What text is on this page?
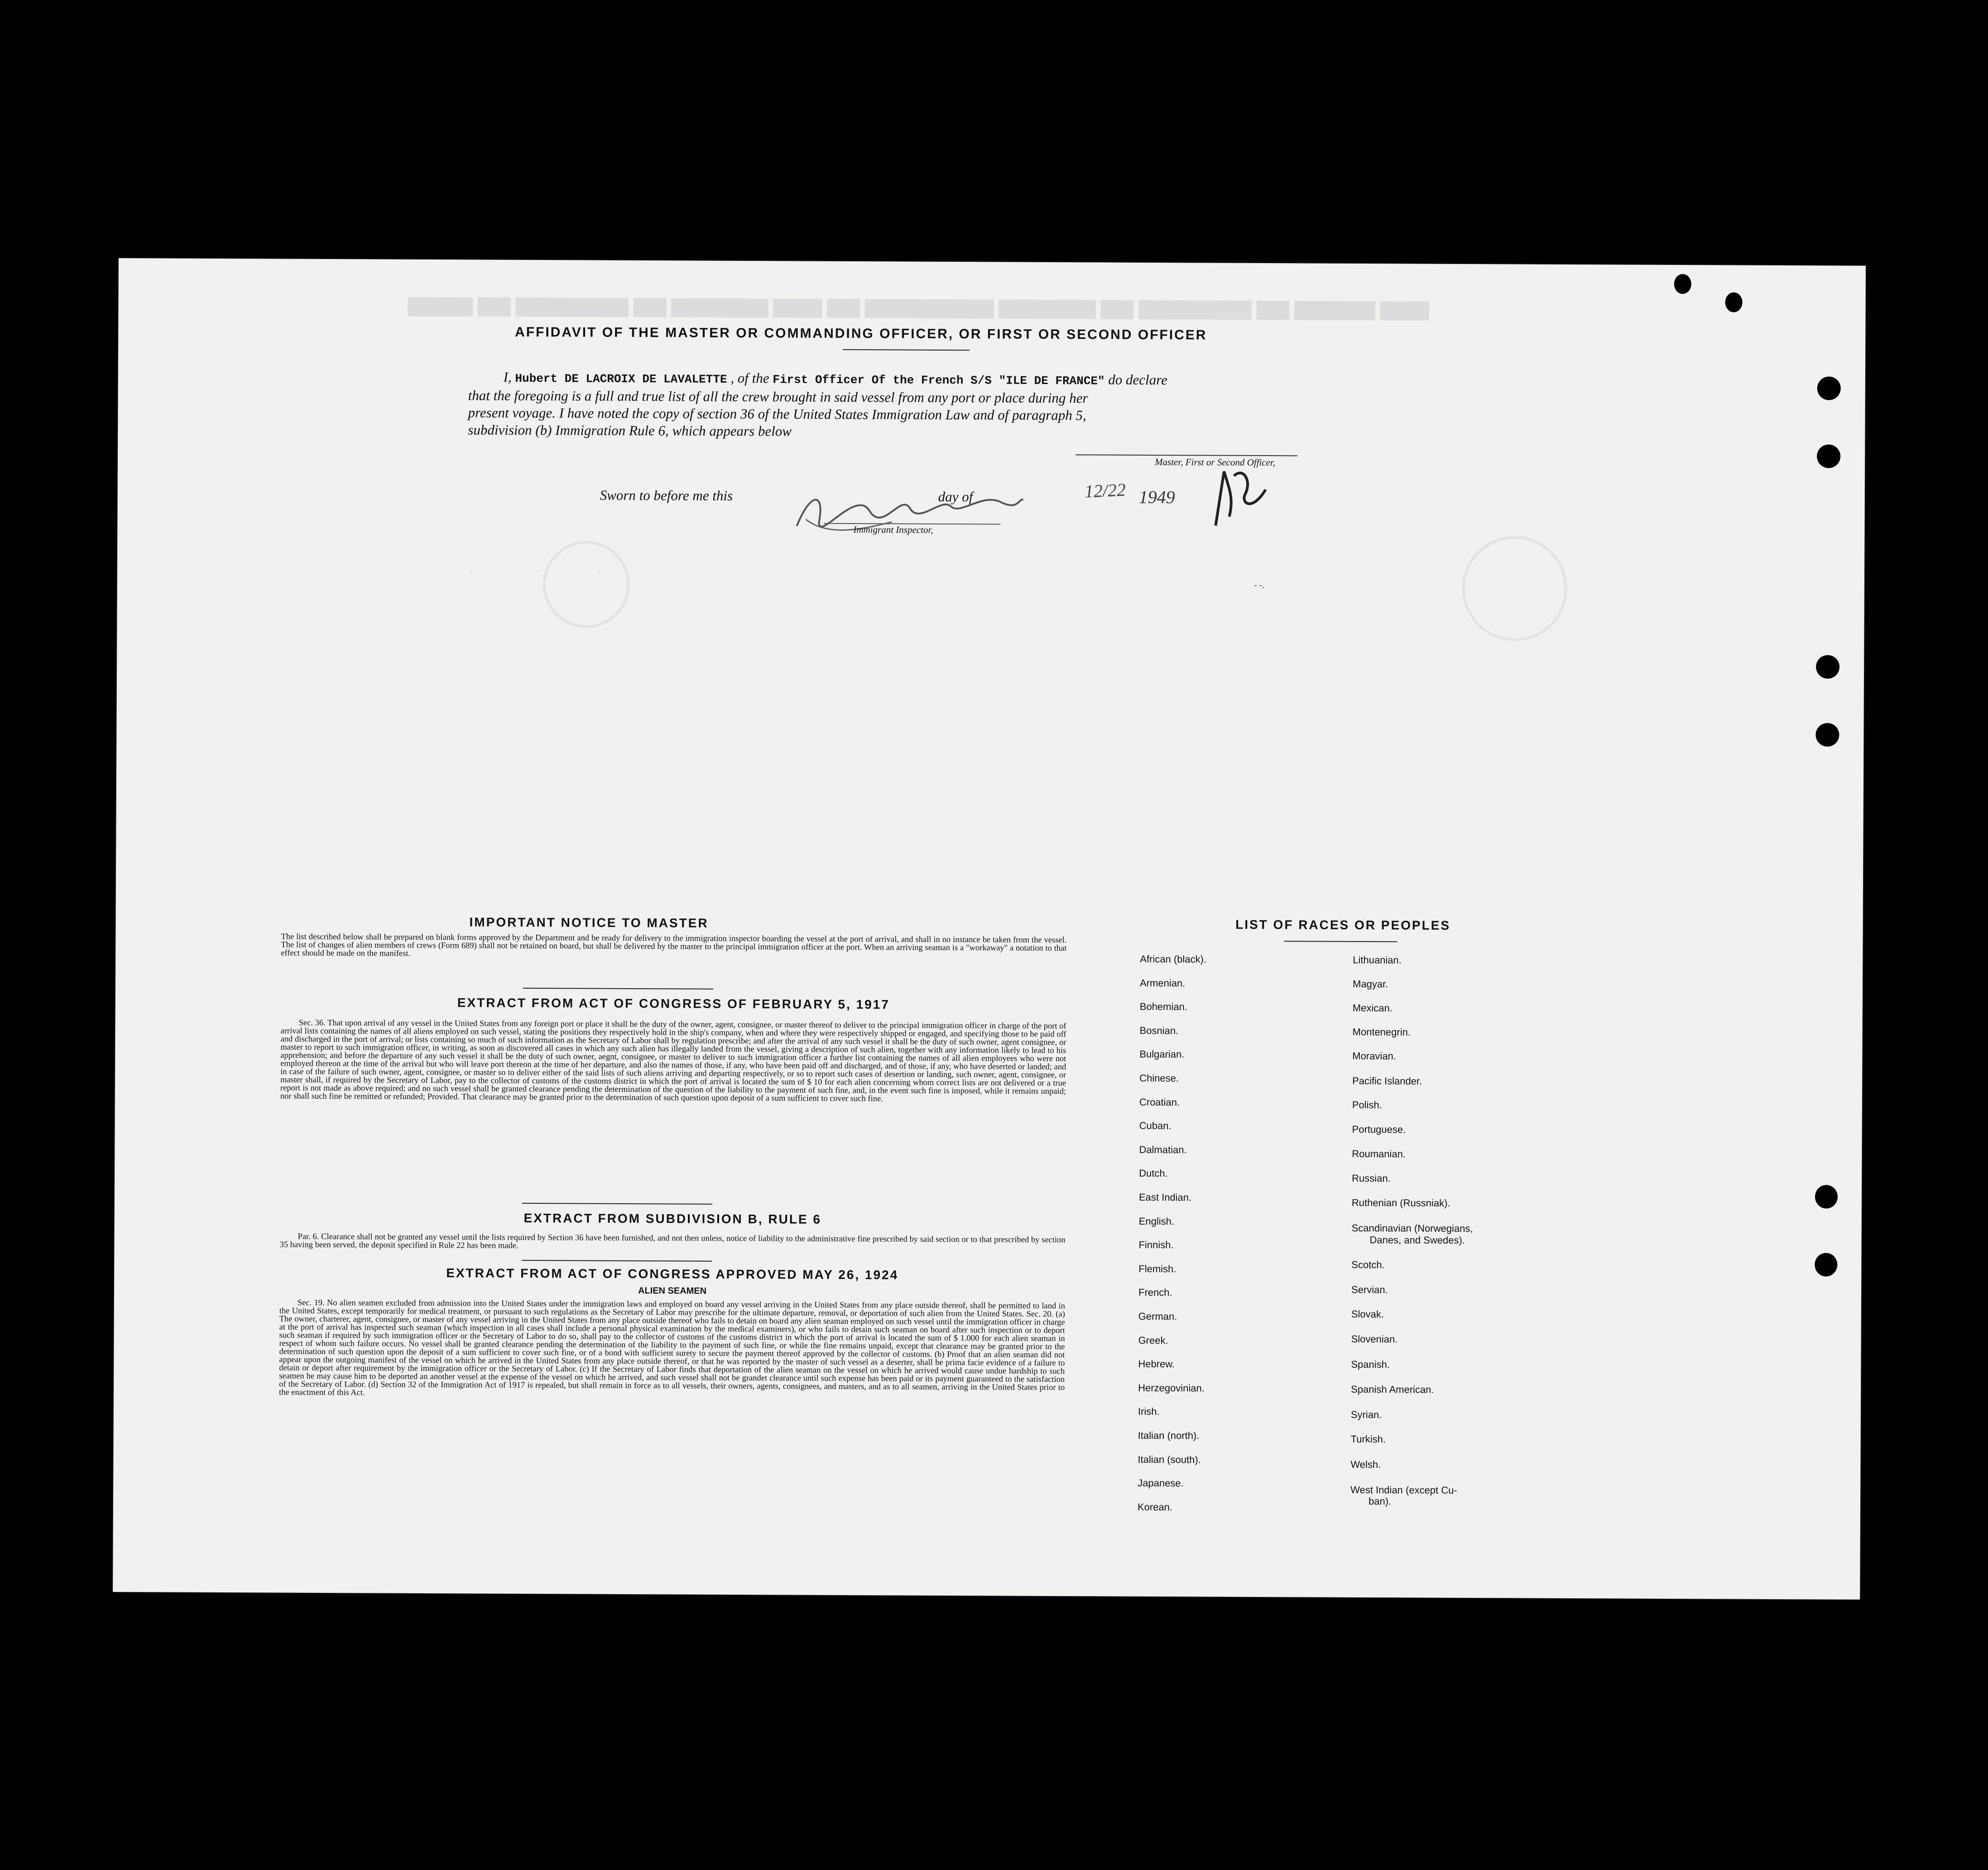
▆▆▆ ▆▆▆▆▆ ▆▆ ▆▆▆▆▆▆▆ ▆▆ ▆▆▆▆▆▆ ▆▆▆▆▆▆▆▆ ▆▆ ▆▆▆ ▆▆▆▆▆▆ ▆▆ ▆▆▆▆▆▆▆ ▆▆ ▆▆▆▆
'                          '                        '
AFFIDAVIT OF THE MASTER OR COMMANDING OFFICER, OR FIRST OR SECOND OFFICER
I, Hubert DE LACROIX DE LAVALETTE , of the First Officer Of the French S/S "ILE DE FRANCE" do declare
that the foregoing is a full and true list of all the crew brought in said vessel from any port or place during her
present voyage. I have noted the copy of section 36 of the United States Immigration Law and of paragraph 5,
subdivision (b) Immigration Rule 6, which appears below
Master, First or Second Officer,
Sworn to before me this	day of	12/22 1949
Immigrant Inspector,
- -.
IMPORTANT NOTICE TO MASTER
The list described below shall be prepared on blank forms approved by the Department and be ready for delivery to the immigration inspector boarding the vessel at the port of arrival, and shall in no instance be taken from the vessel. The list of changes of alien members of crews (Form 689) shall not be retained on board, but shall be delivered by the master to the principal immigration officer at the port. When an arriving seaman is a "workaway" a notation to that effect should be made on the manifest.
EXTRACT FROM ACT OF CONGRESS OF FEBRUARY 5, 1917
Sec. 36. That upon arrival of any vessel in the United States from any foreign port or place it shall be the duty of the owner, agent, consignee, or master thereof to deliver to the principal immigration officer in charge of the port of arrival lists containing the names of all aliens employed on such vessel, stating the positions they respectively hold in the ship's company, when and where they were respectively shipped or engaged, and specifying those to be paid off and discharged in the port of arrival; or lists containing so much of such information as the Secretary of Labor shall by regulation prescribe; and after the arrival of any such vessel it shall be the duty of such owner, agent consignee, or master to report to such immigration officer, in writing, as soon as discovered all cases in which any such alien has illegally landed from the vessel, giving a description of such alien, together with any information likely to lead to his apprehension; and before the departure of any such vessel it shall be the duty of such owner, aegnt, consignee, or master to deliver to such immigration officer a further list containing the names of all alien employees who were not employed thereon at the time of the arrival but who will leave port thereon at the time of her departure, and also the names of those, if any, who have been paid off and discharged, and of those, if any, who have deserted or landed; and in case of the failure of such owner, agent, consignee, or master so to deliver either of the said lists of such aliens arriving and departing respectively, or so to report such cases of desertion or landing, such owner, agent, consignee, or master shall, if required by the Secretary of Labor, pay to the collector of customs of the customs district in which the port of arrival is located the sum of $ 10 for each alien concerning whom correct lists are not delivered or a true report is not made as above required; and no such vessel shall be granted clearance pending the determination of the question of the liability to the payment of such fine, and, in the event such fine is imposed, while it remains unpaid; nor shall such fine be remitted or refunded; Provided. That clearance may be granted prior to the determination of such question upon deposit of a sum sufficient to cover such fine.
EXTRACT FROM SUBDIVISION B, RULE 6
Par. 6. Clearance shall not be granted any vessel until the lists required by Section 36 have been furnished, and not then unless, notice of liability to the administrative fine prescribed by said section or to that prescribed by section 35 having been served, the deposit specified in Rule 22 has been made.
EXTRACT FROM ACT OF CONGRESS APPROVED MAY 26, 1924
ALIEN SEAMEN
Sec. 19. No alien seamen excluded from admission into the United States under the immigration laws and employed on board any vessel arriving in the United States from any place outside thereof, shall be permitted to land in the United States, except temporarily for medical treatment, or pursuant to such regulations as the Secretary of Labor may prescribe for the ultimate departure, removal, or deportation of such alien from the United States. Sec. 20. (a) The owner, charterer, agent, consignee, or master of any vessel arriving in the United States from any place outside thereof who fails to detain on board any alien seaman employed on such vessel until the immigration officer in charge at the port of arrival has inspected such seaman (which inspection in all cases shall include a personal physical examination by the medical examiners), or who fails to detain such seaman on board after such inspection or to deport such seaman if required by such immigration officer or the Secretary of Labor to do so, shall pay to the collector of customs of the customs district in which the port of arrival is located the sum of $ 1.000 for each alien seaman in respect of whom such failure occurs. No vessel shall be granted clearance pending the determination of the liability to the payment of such fine, or while the fine remains unpaid, except that clearance may be granted prior to the determination of such question upon the deposit of a sum sufficient to cover such fine, or of a bond with sufficient surety to secure the payment thereof approved by the collector of customs. (b) Proof that an alien seaman did not appear upon the outgoing manifest of the vessel on which he arrived in the United States from any place outside thereof, or that he was reported by the master of such vessel as a deserter, shall be prima facie evidence of a failure to detain or deport after requirement by the immigration officer or the Secretary of Labor. (c) If the Secretary of Labor finds that deportation of the alien seaman on the vessel on which he arrived would cause undue hardship to such seamen he may cause him to be deported an another vessel at the expense of the vessel on which he arrived, and such vessel shall not be grandet clearance until such expense has been paid or its payment guaranteed to the satisfaction of the Secretary of Labor. (d) Section 32 of the Immigration Act of 1917 is repealed, but shall remain in force as to all vessels, their owners, agents, consignees, and masters, and as to all seamen, arriving in the United States prior to the enactment of this Act.
LIST OF RACES OR PEOPLES
African (black).
Armenian.
Bohemian.
Bosnian.
Bulgarian.
Chinese.
Croatian.
Cuban.
Dalmatian.
Dutch.
East Indian.
English.
Finnish.
Flemish.
French.
German.
Greek.
Hebrew.
Herzegovinian.
Irish.
Italian (north).
Italian (south).
Japanese.
Korean.
Lithuanian.
Magyar.
Mexican.
Montenegrin.
Moravian.
Pacific Islander.
Polish.
Portuguese.
Roumanian.
Russian.
Ruthenian (Russniak).
Scandinavian (Norwegians,
Danes, and Swedes).
Scotch.
Servian.
Slovak.
Slovenian.
Spanish.
Spanish American.
Syrian.
Turkish.
Welsh.
West Indian (except Cu-
ban).
